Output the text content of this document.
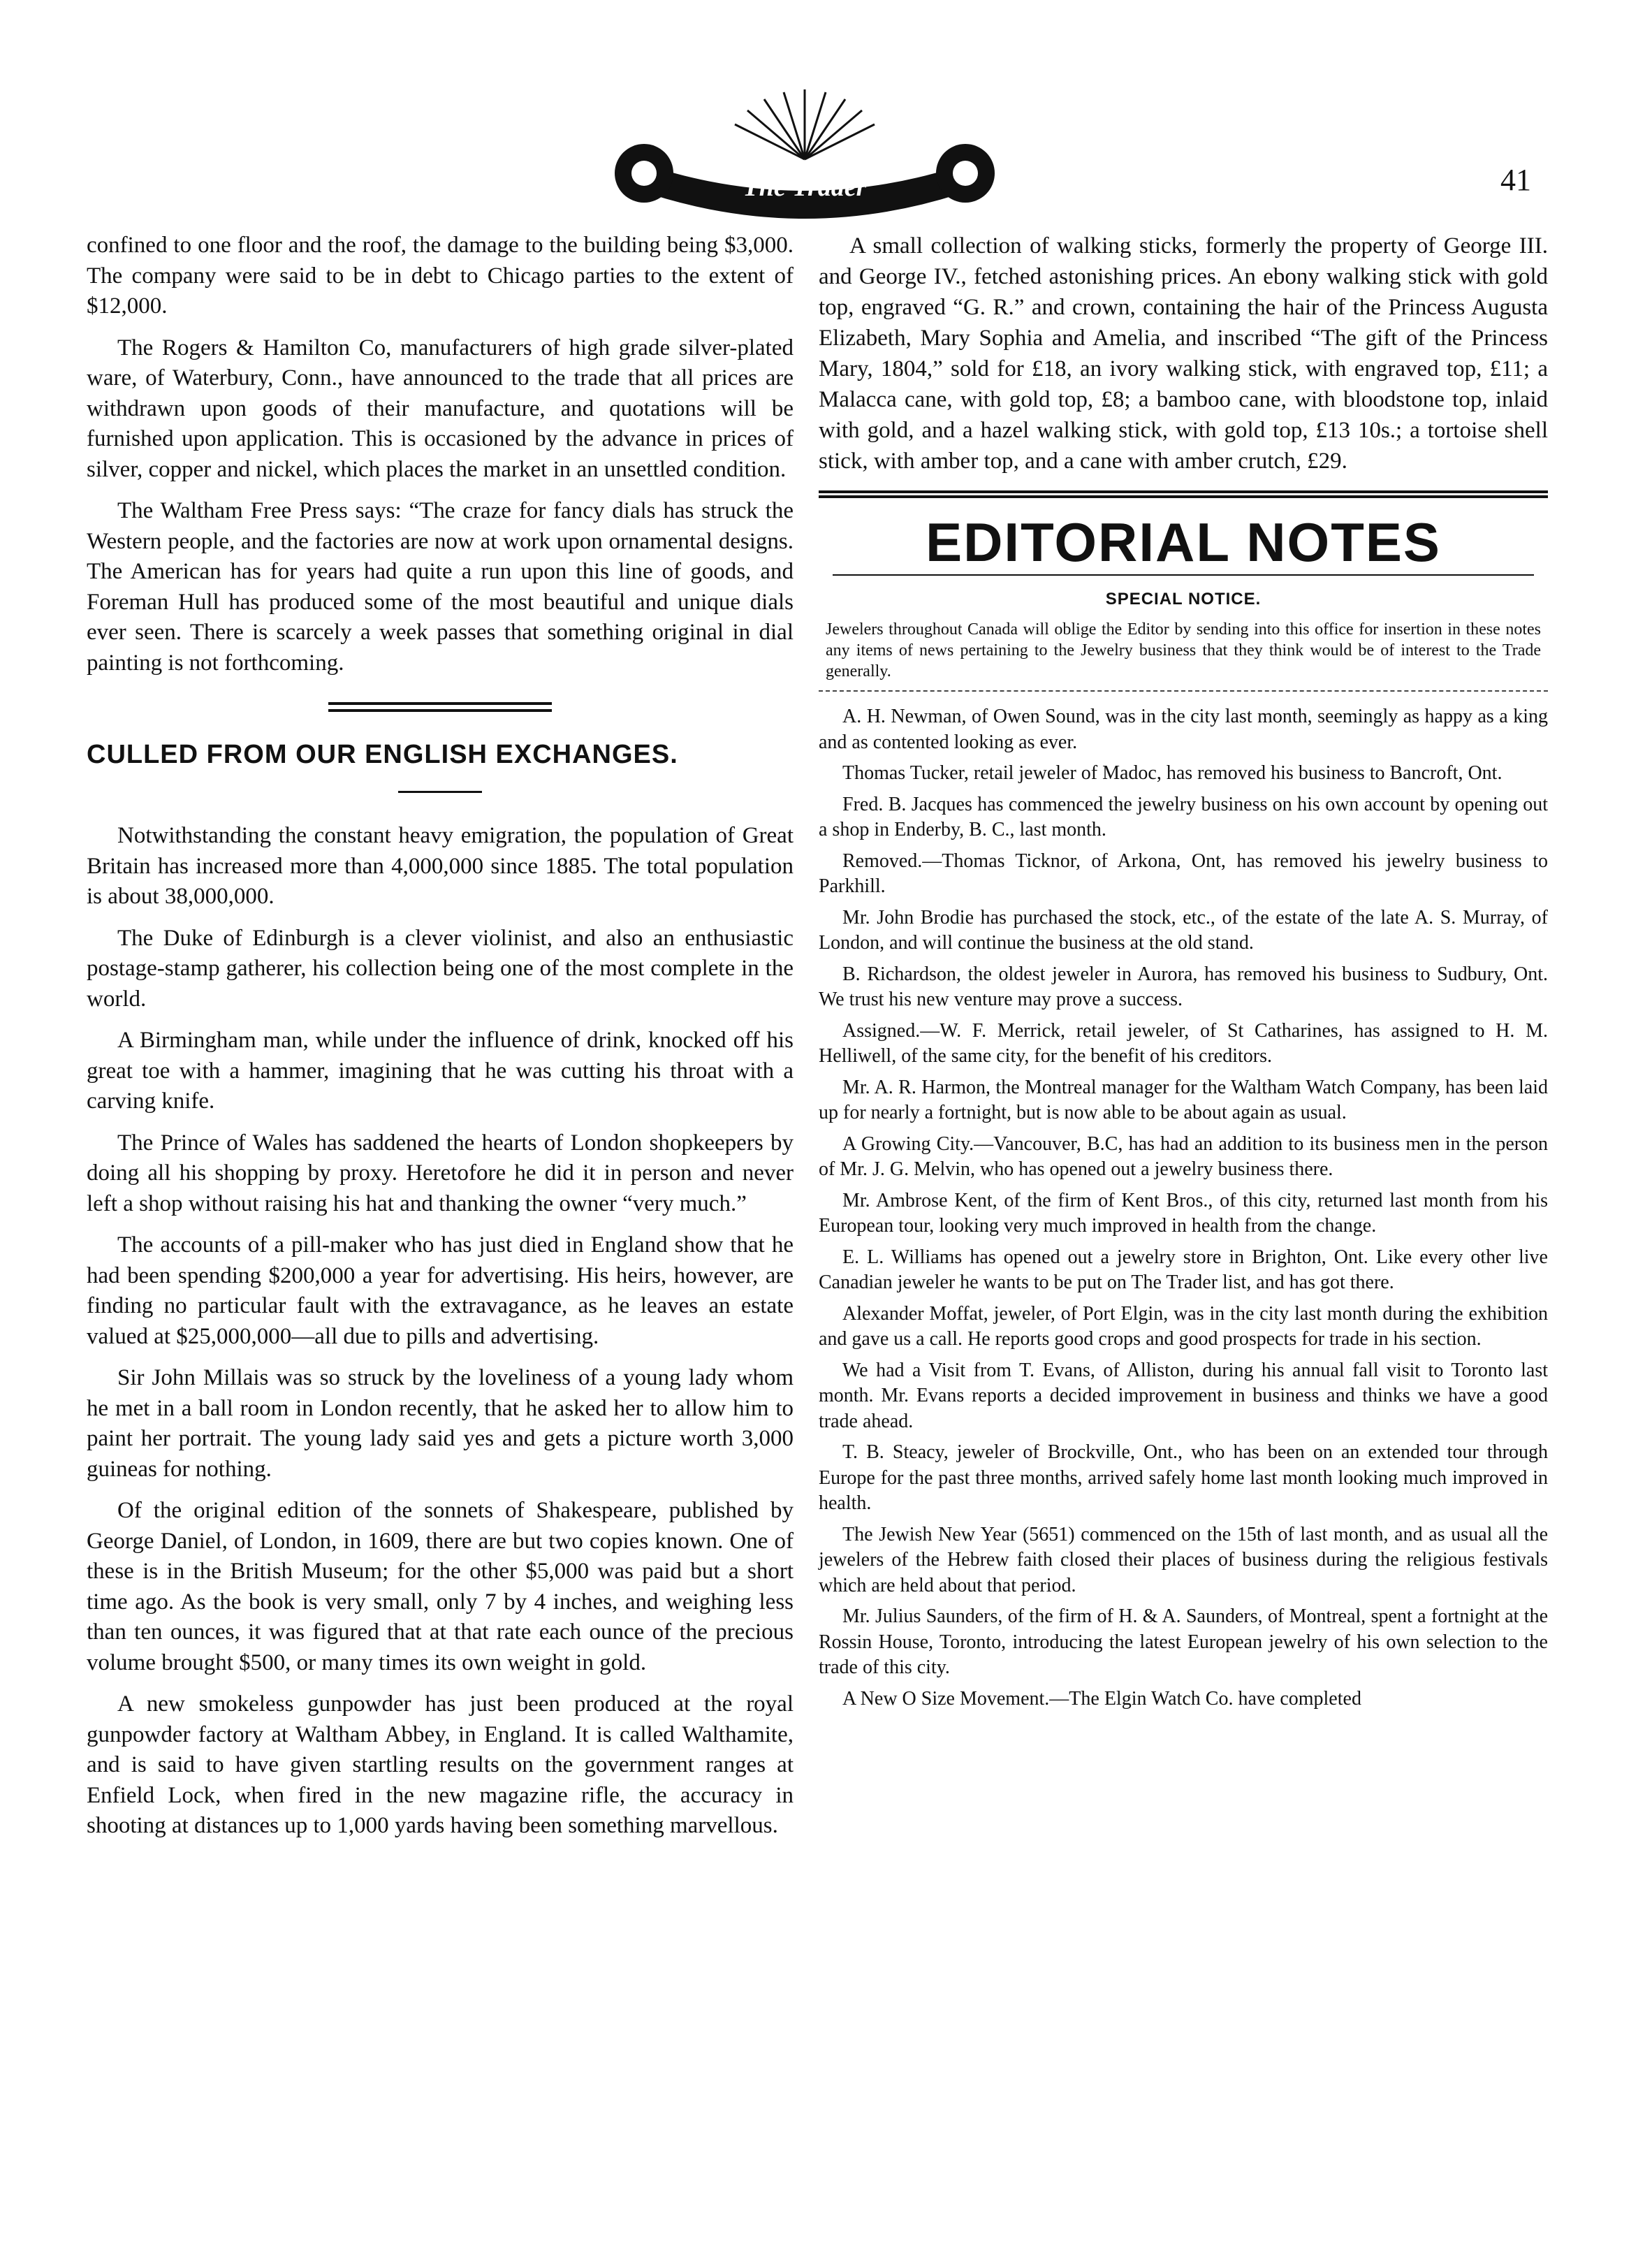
The Trader	41

confined to one floor and the roof, the damage to the building being $3,000. The company were said to be in debt to Chicago parties to the extent of $12,000.

The Rogers & Hamilton Co, manufacturers of high grade silver-plated ware, of Waterbury, Conn., have announced to the trade that all prices are withdrawn upon goods of their manufacture, and quotations will be furnished upon application. This is occasioned by the advance in prices of silver, copper and nickel, which places the market in an unsettled condition.

The Waltham Free Press says: “The craze for fancy dials has struck the Western people, and the factories are now at work upon ornamental designs. The American has for years had quite a run upon this line of goods, and Foreman Hull has produced some of the most beautiful and unique dials ever seen. There is scarcely a week passes that something original in dial painting is not forthcoming.

CULLED FROM OUR ENGLISH EXCHANGES.

Notwithstanding the constant heavy emigration, the population of Great Britain has increased more than 4,000,000 since 1885. The total population is about 38,000,000.

The Duke of Edinburgh is a clever violinist, and also an enthusiastic postage-stamp gatherer, his collection being one of the most complete in the world.

A Birmingham man, while under the influence of drink, knocked off his great toe with a hammer, imagining that he was cutting his throat with a carving knife.

The Prince of Wales has saddened the hearts of London shopkeepers by doing all his shopping by proxy. Heretofore he did it in person and never left a shop without raising his hat and thanking the owner “very much.”

The accounts of a pill-maker who has just died in England show that he had been spending $200,000 a year for advertising. His heirs, however, are finding no particular fault with the extravagance, as he leaves an estate valued at $25,000,000—all due to pills and advertising.

Sir John Millais was so struck by the loveliness of a young lady whom he met in a ball room in London recently, that he asked her to allow him to paint her portrait. The young lady said yes and gets a picture worth 3,000 guineas for nothing.

Of the original edition of the sonnets of Shakespeare, published by George Daniel, of London, in 1609, there are but two copies known. One of these is in the British Museum; for the other $5,000 was paid but a short time ago. As the book is very small, only 7 by 4 inches, and weighing less than ten ounces, it was figured that at that rate each ounce of the precious volume brought $500, or many times its own weight in gold.

A new smokeless gunpowder has just been produced at the royal gunpowder factory at Waltham Abbey, in England. It is called Walthamite, and is said to have given startling results on the government ranges at Enfield Lock, when fired in the new magazine rifle, the accuracy in shooting at distances up to 1,000 yards having been something marvellous.

A small collection of walking sticks, formerly the property of George III. and George IV., fetched astonishing prices. An ebony walking stick with gold top, engraved “G. R.” and crown, containing the hair of the Princess Augusta Elizabeth, Mary Sophia and Amelia, and inscribed “The gift of the Princess Mary, 1804,” sold for £18, an ivory walking stick, with engraved top, £11; a Malacca cane, with gold top, £8; a bamboo cane, with bloodstone top, inlaid with gold, and a hazel walking stick, with gold top, £13 10s.; a tortoise shell stick, with amber top, and a cane with amber crutch, £29.

EDITORIAL NOTES
SPECIAL NOTICE.
Jewelers throughout Canada will oblige the Editor by sending into this office for insertion in these notes any items of news pertaining to the Jewelry business that they think would be of interest to the Trade generally.

A. H. Newman, of Owen Sound, was in the city last month, seemingly as happy as a king and as contented looking as ever.

Thomas Tucker, retail jeweler of Madoc, has removed his business to Bancroft, Ont.

Fred. B. Jacques has commenced the jewelry business on his own account by opening out a shop in Enderby, B. C., last month.

Removed.—Thomas Ticknor, of Arkona, Ont, has removed his jewelry business to Parkhill.

Mr. John Brodie has purchased the stock, etc., of the estate of the late A. S. Murray, of London, and will continue the business at the old stand.

B. Richardson, the oldest jeweler in Aurora, has removed his business to Sudbury, Ont. We trust his new venture may prove a success.

Assigned.—W. F. Merrick, retail jeweler, of St Catharines, has assigned to H. M. Helliwell, of the same city, for the benefit of his creditors.

Mr. A. R. Harmon, the Montreal manager for the Waltham Watch Company, has been laid up for nearly a fortnight, but is now able to be about again as usual.

A Growing City.—Vancouver, B.C, has had an addition to its business men in the person of Mr. J. G. Melvin, who has opened out a jewelry business there.

Mr. Ambrose Kent, of the firm of Kent Bros., of this city, returned last month from his European tour, looking very much improved in health from the change.

E. L. Williams has opened out a jewelry store in Brighton, Ont. Like every other live Canadian jeweler he wants to be put on The Trader list, and has got there.

Alexander Moffat, jeweler, of Port Elgin, was in the city last month during the exhibition and gave us a call. He reports good crops and good prospects for trade in his section.

We had a Visit from T. Evans, of Alliston, during his annual fall visit to Toronto last month. Mr. Evans reports a decided improvement in business and thinks we have a good trade ahead.

T. B. Steacy, jeweler of Brockville, Ont., who has been on an extended tour through Europe for the past three months, arrived safely home last month looking much improved in health.

The Jewish New Year (5651) commenced on the 15th of last month, and as usual all the jewelers of the Hebrew faith closed their places of business during the religious festivals which are held about that period.

Mr. Julius Saunders, of the firm of H. & A. Saunders, of Montreal, spent a fortnight at the Rossin House, Toronto, introducing the latest European jewelry of his own selection to the trade of this city.

A New O Size Movement.—The Elgin Watch Co. have completed
